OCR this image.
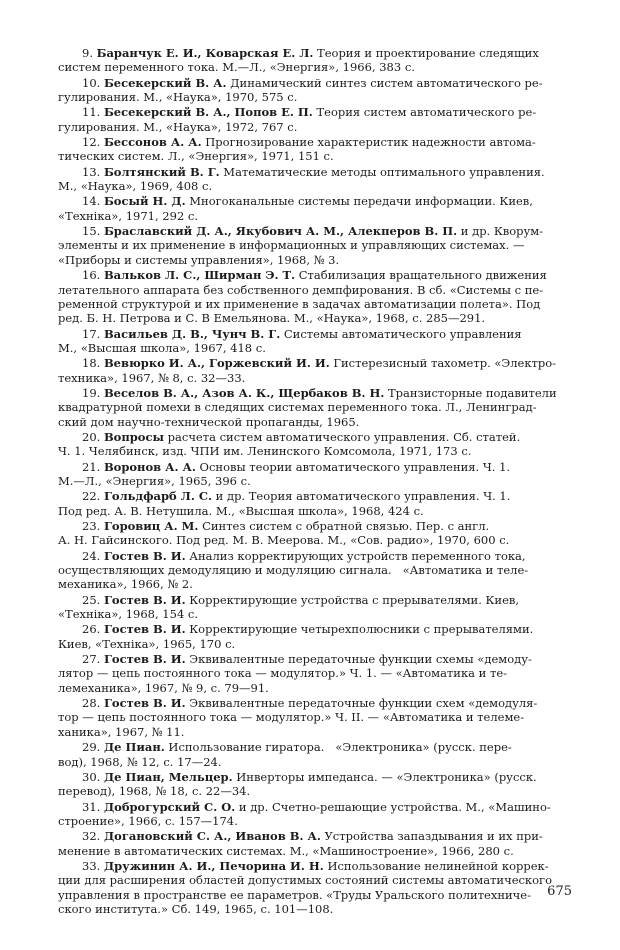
9. Баранчук Е. И., Коварская Е. Л. Теория и проектирование следящих
систем переменного тока. М.—Л., «Энергия», 1966, 383 с.
10. Бесекерский В. А. Динамический синтез систем автоматического ре-
гулирования. М., «Наука», 1970, 575 с.
11. Бесекерский В. А., Попов Е. П. Теория систем автоматического ре-
гулирования. М., «Наука», 1972, 767 с.
12. Бессонов А. А. Прогнозирование характеристик надежности автома-
тических систем. Л., «Энергия», 1971, 151 с.
13. Болтянский В. Г. Математические методы оптимального управления.
М., «Наука», 1969, 408 с.
14. Босый Н. Д. Многоканальные системы передачи информации. Киев,
«Технiка», 1971, 292 с.
15. Браславский Д. А., Якубович А. М., Алекперов В. П. и др. Кворум-
элементы и их применение в информационных и управляющих системах. —
«Приборы и системы управления», 1968, № 3.
16. Вальков Л. С., Ширман Э. Т. Стабилизация вращательного движения
летательного аппарата без собственного демпфирования. В сб. «Системы с пе-
ременной структурой и их применение в задачах автоматизации полета». Под
ред. Б. Н. Петрова и С. В Емельянова. М., «Наука», 1968, с. 285—291.
17. Васильев Д. В., Чунч В. Г. Системы автоматического управления
М., «Высшая школа», 1967, 418 с.
18. Вевюрко И. А., Горжевский И. И. Гистерезисный тахометр. «Электро-
техника», 1967, № 8, с. 32—33.
19. Веселов В. А., Азов А. К., Щербаков В. Н. Транзисторные подавители
квадратурной помехи в следящих системах переменного тока. Л., Ленинград-
ский дом научно-технической пропаганды, 1965.
20. Вопросы расчета систем автоматического управления. Сб. статей.
Ч. 1. Челябинск, изд. ЧПИ им. Ленинского Комсомола, 1971, 173 с.
21. Воронов А. А. Основы теории автоматического управления. Ч. 1.
М.—Л., «Энергия», 1965, 396 с.
22. Гольдфарб Л. С. и др. Теория автоматического управления. Ч. 1.
Под ред. А. В. Нетушила. М., «Высшая школа», 1968, 424 с.
23. Горовиц А. М. Синтез систем с обратной связью. Пер. с англ.
А. Н. Гайсинского. Под ред. М. В. Меерова. М., «Сов. радио», 1970, 600 с.
24. Гостев В. И. Анализ корректирующих устройств переменного тока,
осуществляющих демодуляцию и модуляцию сигнала.   «Автоматика и теле-
механика», 1966, № 2.
25. Гостев В. И. Корректирующие устройства с прерывателями. Киев,
«Технiка», 1968, 154 с.
26. Гостев В. И. Корректирующие четырехполюсники с прерывателями.
Киев, «Технiка», 1965, 170 с.
27. Гостев В. И. Эквивалентные передаточные функции схемы «демоду-
лятор — цепь постоянного тока — модулятор.» Ч. 1. — «Автоматика и те-
лемеханика», 1967, № 9, с. 79—91.
28. Гостев В. И. Эквивалентные передаточные функции схем «демодуля-
тор — цепь постоянного тока — модулятор.» Ч. II. — «Автоматика и телеме-
ханика», 1967, № 11.
29. Де Пиан. Использование гиратора.   «Электроника» (русск. пере-
вод), 1968, № 12, с. 17—24.
30. Де Пиан, Мельцер. Инверторы импеданса. — «Электроника» (русск.
перевод), 1968, № 18, с. 22—34.
31. Доброгурский С. О. и др. Счетно-решающие устройства. М., «Машино-
строение», 1966, с. 157—174.
32. Догановский С. А., Иванов В. А. Устройства запаздывания и их при-
менение в автоматических системах. М., «Машиностроение», 1966, 280 с.
33. Дружинин А. И., Печорина И. Н. Использование нелинейной коррек-
ции для расширения областей допустимых состояний системы автоматического
управления в пространстве ее параметров. «Труды Уральского политехниче-
ского института.» Сб. 149, 1965, с. 101—108.
675
